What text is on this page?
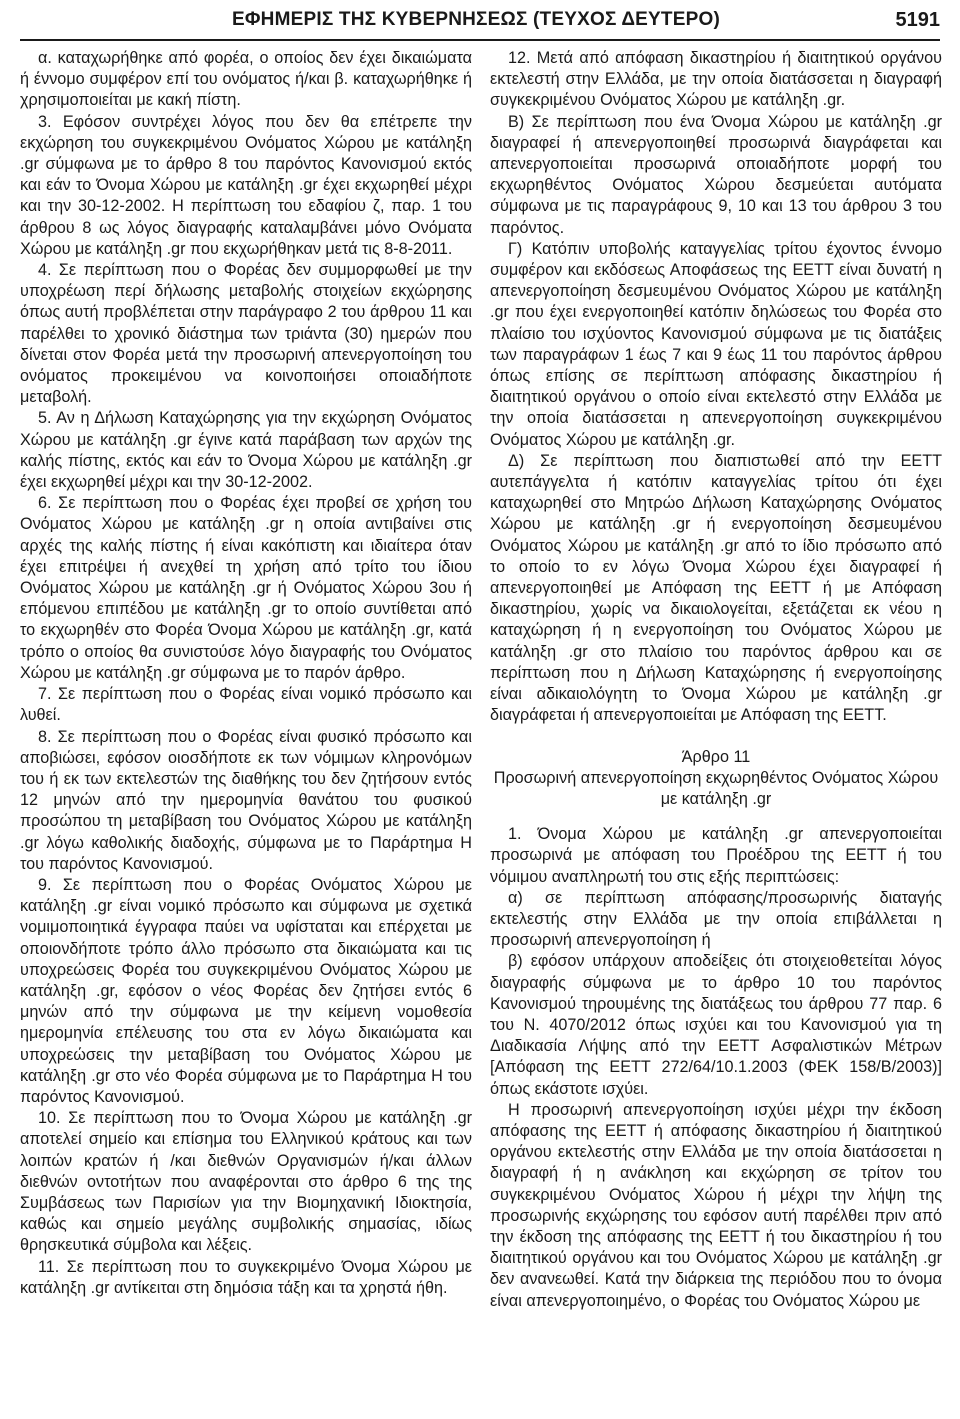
ΕΦΗΜΕΡΙΣ ΤΗΣ ΚΥΒΕΡΝΗΣΕΩΣ (ΤΕΥΧΟΣ ΔΕΥΤΕΡΟ)	5191

α. καταχωρήθηκε από φορέα, ο οποίος δεν έχει δικαιώματα ή έννομο συμφέρον επί του ονόματος ή/και β. καταχωρήθηκε ή χρησιμοποιείται με κακή πίστη.

3. Εφόσον συντρέχει λόγος που δεν θα επέτρεπε την εκχώρηση του συγκεκριμένου Ονόματος Χώρου με κατάληξη .gr σύμφωνα με το άρθρο 8 του παρόντος Κανονισμού εκτός και εάν το Όνομα Χώρου με κατάληξη .gr έχει εκχωρηθεί μέχρι και την 30-12-2002. Η περίπτωση του εδαφίου ζ, παρ. 1 του άρθρου 8 ως λόγος διαγραφής καταλαμβάνει μόνο Ονόματα Χώρου με κατάληξη .gr που εκχωρήθηκαν μετά τις 8-8-2011.

4. Σε περίπτωση που ο Φορέας δεν συμμορφωθεί με την υποχρέωση περί δήλωσης μεταβολής στοιχείων εκχώρησης όπως αυτή προβλέπεται στην παράγραφο 2 του άρθρου 11 και παρέλθει το χρονικό διάστημα των τριάντα (30) ημερών που δίνεται στον Φορέα μετά την προσωρινή απενεργοποίηση του ονόματος προκειμένου να κοινοποιήσει οποιαδήποτε μεταβολή.

5. Αν η Δήλωση Καταχώρησης για την εκχώρηση Ονόματος Χώρου με κατάληξη .gr έγινε κατά παράβαση των αρχών της καλής πίστης, εκτός και εάν το Όνομα Χώρου με κατάληξη .gr έχει εκχωρηθεί μέχρι και την 30-12-2002.

6. Σε περίπτωση που ο Φορέας έχει προβεί σε χρήση του Ονόματος Χώρου με κατάληξη .gr η οποία αντιβαίνει στις αρχές της καλής πίστης ή είναι κακόπιστη και ιδιαίτερα όταν έχει επιτρέψει ή ανεχθεί τη χρήση από τρίτο του ίδιου Ονόματος Χώρου με κατάληξη .gr ή Ονόματος Χώρου 3ου ή επόμενου επιπέδου με κατάληξη .gr το οποίο συντίθεται από το εκχωρηθέν στο Φορέα Όνομα Χώρου με κατάληξη .gr, κατά τρόπο ο οποίος θα συνιστούσε λόγο διαγραφής του Ονόματος Χώρου με κατάληξη .gr σύμφωνα με το παρόν άρθρο.

7. Σε περίπτωση που ο Φορέας είναι νομικό πρόσωπο και λυθεί.

8. Σε περίπτωση που ο Φορέας είναι φυσικό πρόσωπο και αποβιώσει, εφόσον οιοσδήποτε εκ των νόμιμων κληρονόμων του ή εκ των εκτελεστών της διαθήκης του δεν ζητήσουν εντός 12 μηνών από την ημερομηνία θανάτου του φυσικού προσώπου τη μεταβίβαση του Ονόματος Χώρου με κατάληξη .gr λόγω καθολικής διαδοχής, σύμφωνα με το Παράρτημα Η του παρόντος Κανονισμού.

9. Σε περίπτωση που ο Φορέας Ονόματος Χώρου με κατάληξη .gr είναι νομικό πρόσωπο και σύμφωνα με σχετικά νομιμοποιητικά έγγραφα παύει να υφίσταται και επέρχεται με οποιονδήποτε τρόπο άλλο πρόσωπο στα δικαιώματα και τις υποχρεώσεις Φορέα του συγκεκριμένου Ονόματος Χώρου με κατάληξη .gr, εφόσον ο νέος Φορέας δεν ζητήσει εντός 6 μηνών από την σύμφωνα με την κείμενη νομοθεσία ημερομηνία επέλευσης του στα εν λόγω δικαιώματα και υποχρεώσεις την μεταβίβαση του Ονόματος Χώρου με κατάληξη .gr στο νέο Φορέα σύμφωνα με το Παράρτημα Η του παρόντος Κανονισμού.

10. Σε περίπτωση που το Όνομα Χώρου με κατάληξη .gr αποτελεί σημείο και επίσημα του Ελληνικού κράτους και των λοιπών κρατών ή /και διεθνών Οργανισμών ή/και άλλων διεθνών οντοτήτων που αναφέρονται στο άρθρο 6 της της Συμβάσεως των Παρισίων για την Βιομηχανική Ιδιοκτησία, καθώς και σημείο μεγάλης συμβολικής σημασίας, ιδίως θρησκευτικά σύμβολα και λέξεις.

11. Σε περίπτωση που το συγκεκριμένο Όνομα Χώρου με κατάληξη .gr αντίκειται στη δημόσια τάξη και τα χρηστά ήθη.

12. Μετά από απόφαση δικαστηρίου ή διαιτητικού οργάνου εκτελεστή στην Ελλάδα, με την οποία διατάσσεται η διαγραφή συγκεκριμένου Ονόματος Χώρου με κατάληξη .gr.

Β) Σε περίπτωση που ένα Όνομα Χώρου με κατάληξη .gr διαγραφεί ή απενεργοποιηθεί προσωρινά διαγράφεται και απενεργοποιείται προσωρινά οποιαδήποτε μορφή του εκχωρηθέντος Ονόματος Χώρου δεσμεύεται αυτόματα σύμφωνα με τις παραγράφους 9, 10 και 13 του άρθρου 3 του παρόντος.

Γ) Κατόπιν υποβολής καταγγελίας τρίτου έχοντος έννομο συμφέρον και εκδόσεως Αποφάσεως της ΕΕΤΤ είναι δυνατή η απενεργοποίηση δεσμευμένου Ονόματος Χώρου με κατάληξη .gr που έχει ενεργοποιηθεί κατόπιν δηλώσεως του Φορέα στο πλαίσιο του ισχύοντος Κανονισμού σύμφωνα με τις διατάξεις των παραγράφων 1 έως 7 και 9 έως 11 του παρόντος άρθρου όπως επίσης σε περίπτωση απόφασης δικαστηρίου ή διαιτητικού οργάνου ο οποίο είναι εκτελεστό στην Ελλάδα με την οποία διατάσσεται η απενεργοποίηση συγκεκριμένου Ονόματος Χώρου με κατάληξη .gr.

Δ) Σε περίπτωση που διαπιστωθεί από την ΕΕΤΤ αυτεπάγγελτα ή κατόπιν καταγγελίας τρίτου ότι έχει καταχωρηθεί στο Μητρώο Δήλωση Καταχώρησης Ονόματος Χώρου με κατάληξη .gr ή ενεργοποίηση δεσμευμένου Ονόματος Χώρου με κατάληξη .gr από το ίδιο πρόσωπο από το οποίο το εν λόγω Όνομα Χώρου έχει διαγραφεί ή απενεργοποιηθεί με Απόφαση της ΕΕΤΤ ή με Απόφαση δικαστηρίου, χωρίς να δικαιολογείται, εξετάζεται εκ νέου η καταχώρηση ή η ενεργοποίηση του Ονόματος Χώρου με κατάληξη .gr στο πλαίσιο του παρόντος άρθρου και σε περίπτωση που η Δήλωση Καταχώρησης ή ενεργοποίησης είναι αδικαιολόγητη το Όνομα Χώρου με κατάληξη .gr διαγράφεται ή απενεργοποιείται με Απόφαση της ΕΕΤΤ.

Άρθρο 11

Προσωρινή απενεργοποίηση εκχωρηθέντος Ονόματος Χώρου με κατάληξη .gr

1. Όνομα Χώρου με κατάληξη .gr απενεργοποιείται προσωρινά με απόφαση του Προέδρου της ΕΕΤΤ ή του νόμιμου αναπληρωτή του στις εξής περιπτώσεις:

α) σε περίπτωση απόφασης/προσωρινής διαταγής εκτελεστής στην Ελλάδα με την οποία επιβάλλεται η προσωρινή απενεργοποίηση ή

β) εφόσον υπάρχουν αποδείξεις ότι στοιχειοθετείται λόγος διαγραφής σύμφωνα με το άρθρο 10 του παρόντος Κανονισμού τηρουμένης της διατάξεως του άρθρου 77 παρ. 6 του Ν. 4070/2012 όπως ισχύει και του Κανονισμού για τη Διαδικασία Λήψης από την ΕΕΤΤ Ασφαλιστικών Μέτρων [Απόφαση της ΕΕΤΤ 272/64/10.1.2003 (ΦΕΚ 158/Β/2003)] όπως εκάστοτε ισχύει.

Η προσωρινή απενεργοποίηση ισχύει μέχρι την έκδοση απόφασης της ΕΕΤΤ ή απόφασης δικαστηρίου ή διαιτητικού οργάνου εκτελεστής στην Ελλάδα με την οποία διατάσσεται η διαγραφή ή η ανάκληση και εκχώρηση σε τρίτον του συγκεκριμένου Ονόματος Χώρου ή μέχρι την λήψη της προσωρινής εκχώρησης του εφόσον αυτή παρέλθει πριν από την έκδοση της απόφασης της ΕΕΤΤ ή του δικαστηρίου ή του διαιτητικού οργάνου και του Ονόματος Χώρου με κατάληξη .gr δεν ανανεωθεί. Κατά την διάρκεια της περιόδου που το όνομα είναι απενεργοποιημένο, ο Φορέας του Ονόματος Χώρου με
